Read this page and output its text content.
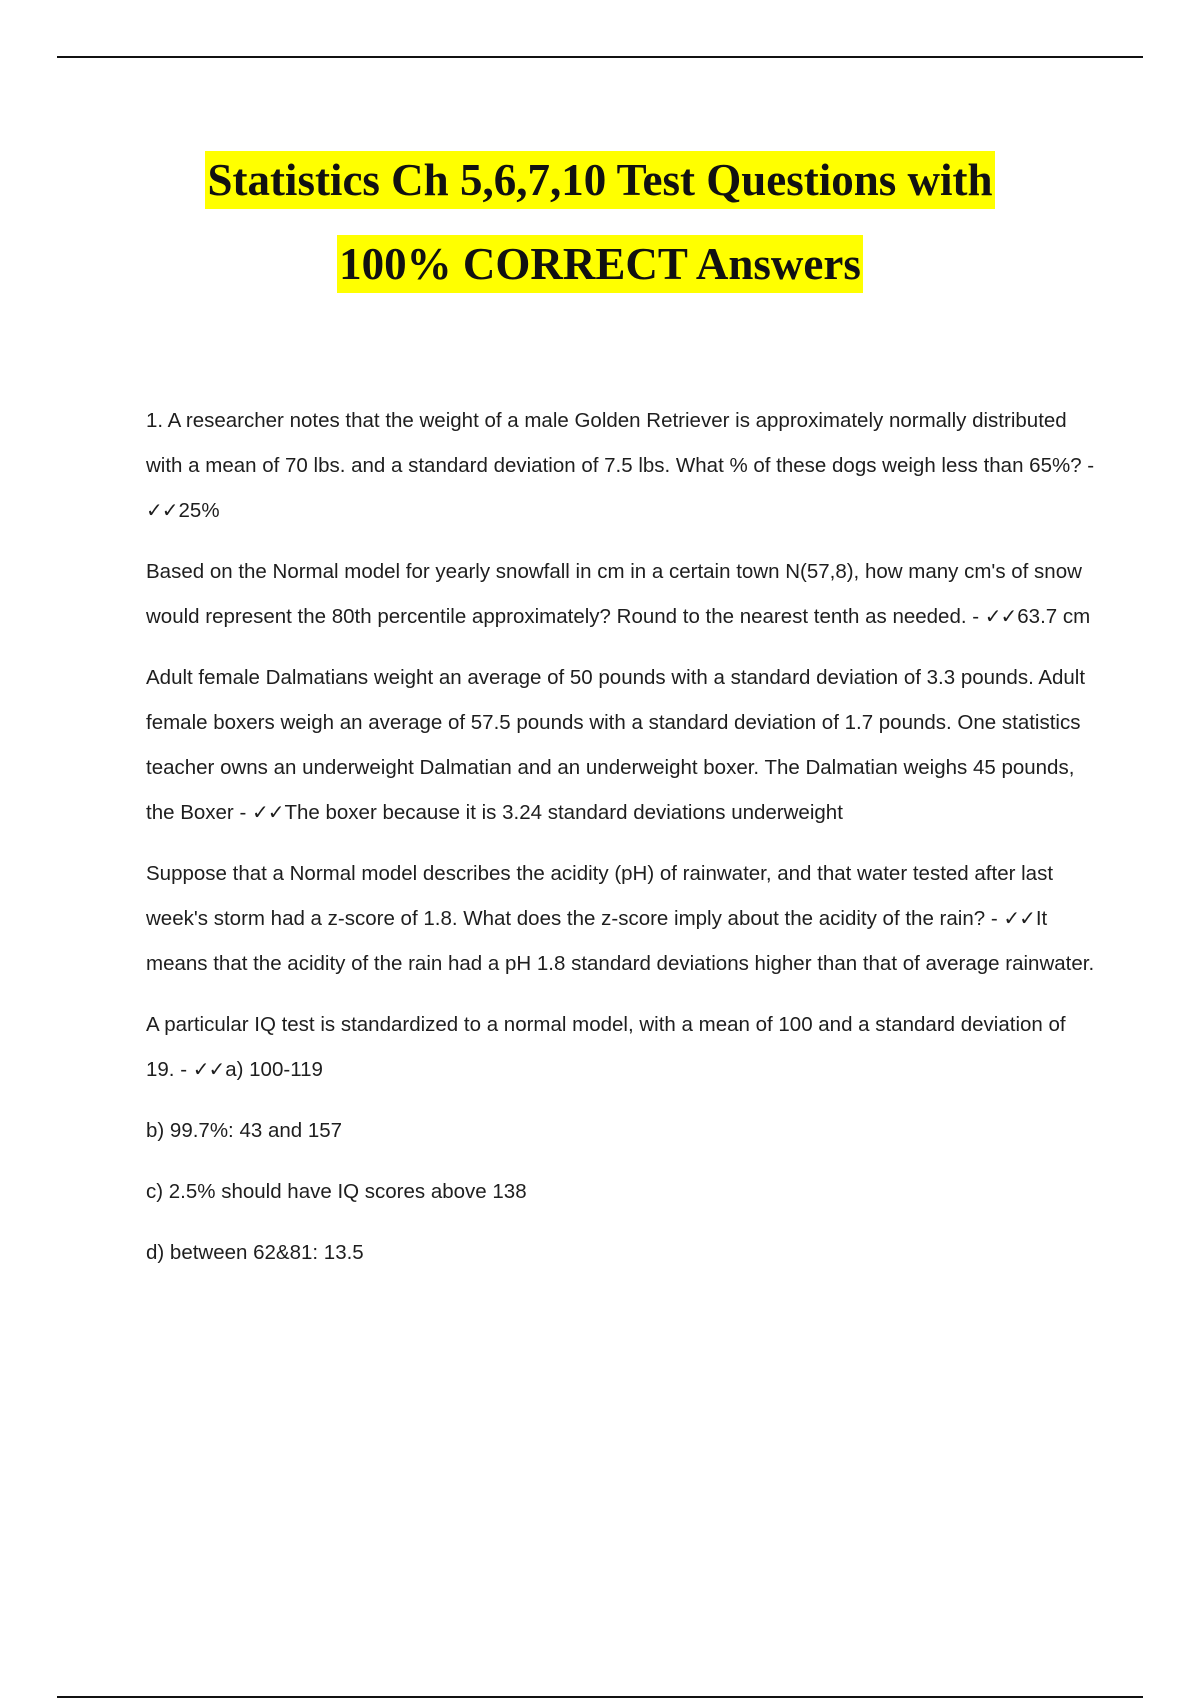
Statistics Ch 5,6,7,10 Test Questions with
100% CORRECT Answers

1. A researcher notes that the weight of a male Golden Retriever is approximately normally distributed with a mean of 70 lbs. and a standard deviation of 7.5 lbs. What % of these dogs weigh less than 65%? - ✓✓25%

Based on the Normal model for yearly snowfall in cm in a certain town N(57,8), how many cm's of snow would represent the 80th percentile approximately? Round to the nearest tenth as needed. - ✓✓63.7 cm

Adult female Dalmatians weight an average of 50 pounds with a standard deviation of 3.3 pounds. Adult female boxers weigh an average of 57.5 pounds with a standard deviation of 1.7 pounds. One statistics teacher owns an underweight Dalmatian and an underweight boxer. The Dalmatian weighs 45 pounds, the Boxer - ✓✓The boxer because it is 3.24 standard deviations underweight

Suppose that a Normal model describes the acidity (pH) of rainwater, and that water tested after last week's storm had a z-score of 1.8. What does the z-score imply about the acidity of the rain? - ✓✓It means that the acidity of the rain had a pH 1.8 standard deviations higher than that of average rainwater.

A particular IQ test is standardized to a normal model, with a mean of 100 and a standard deviation of 19. - ✓✓a) 100-119

b) 99.7%: 43 and 157

c) 2.5% should have IQ scores above 138

d) between 62&81: 13.5
